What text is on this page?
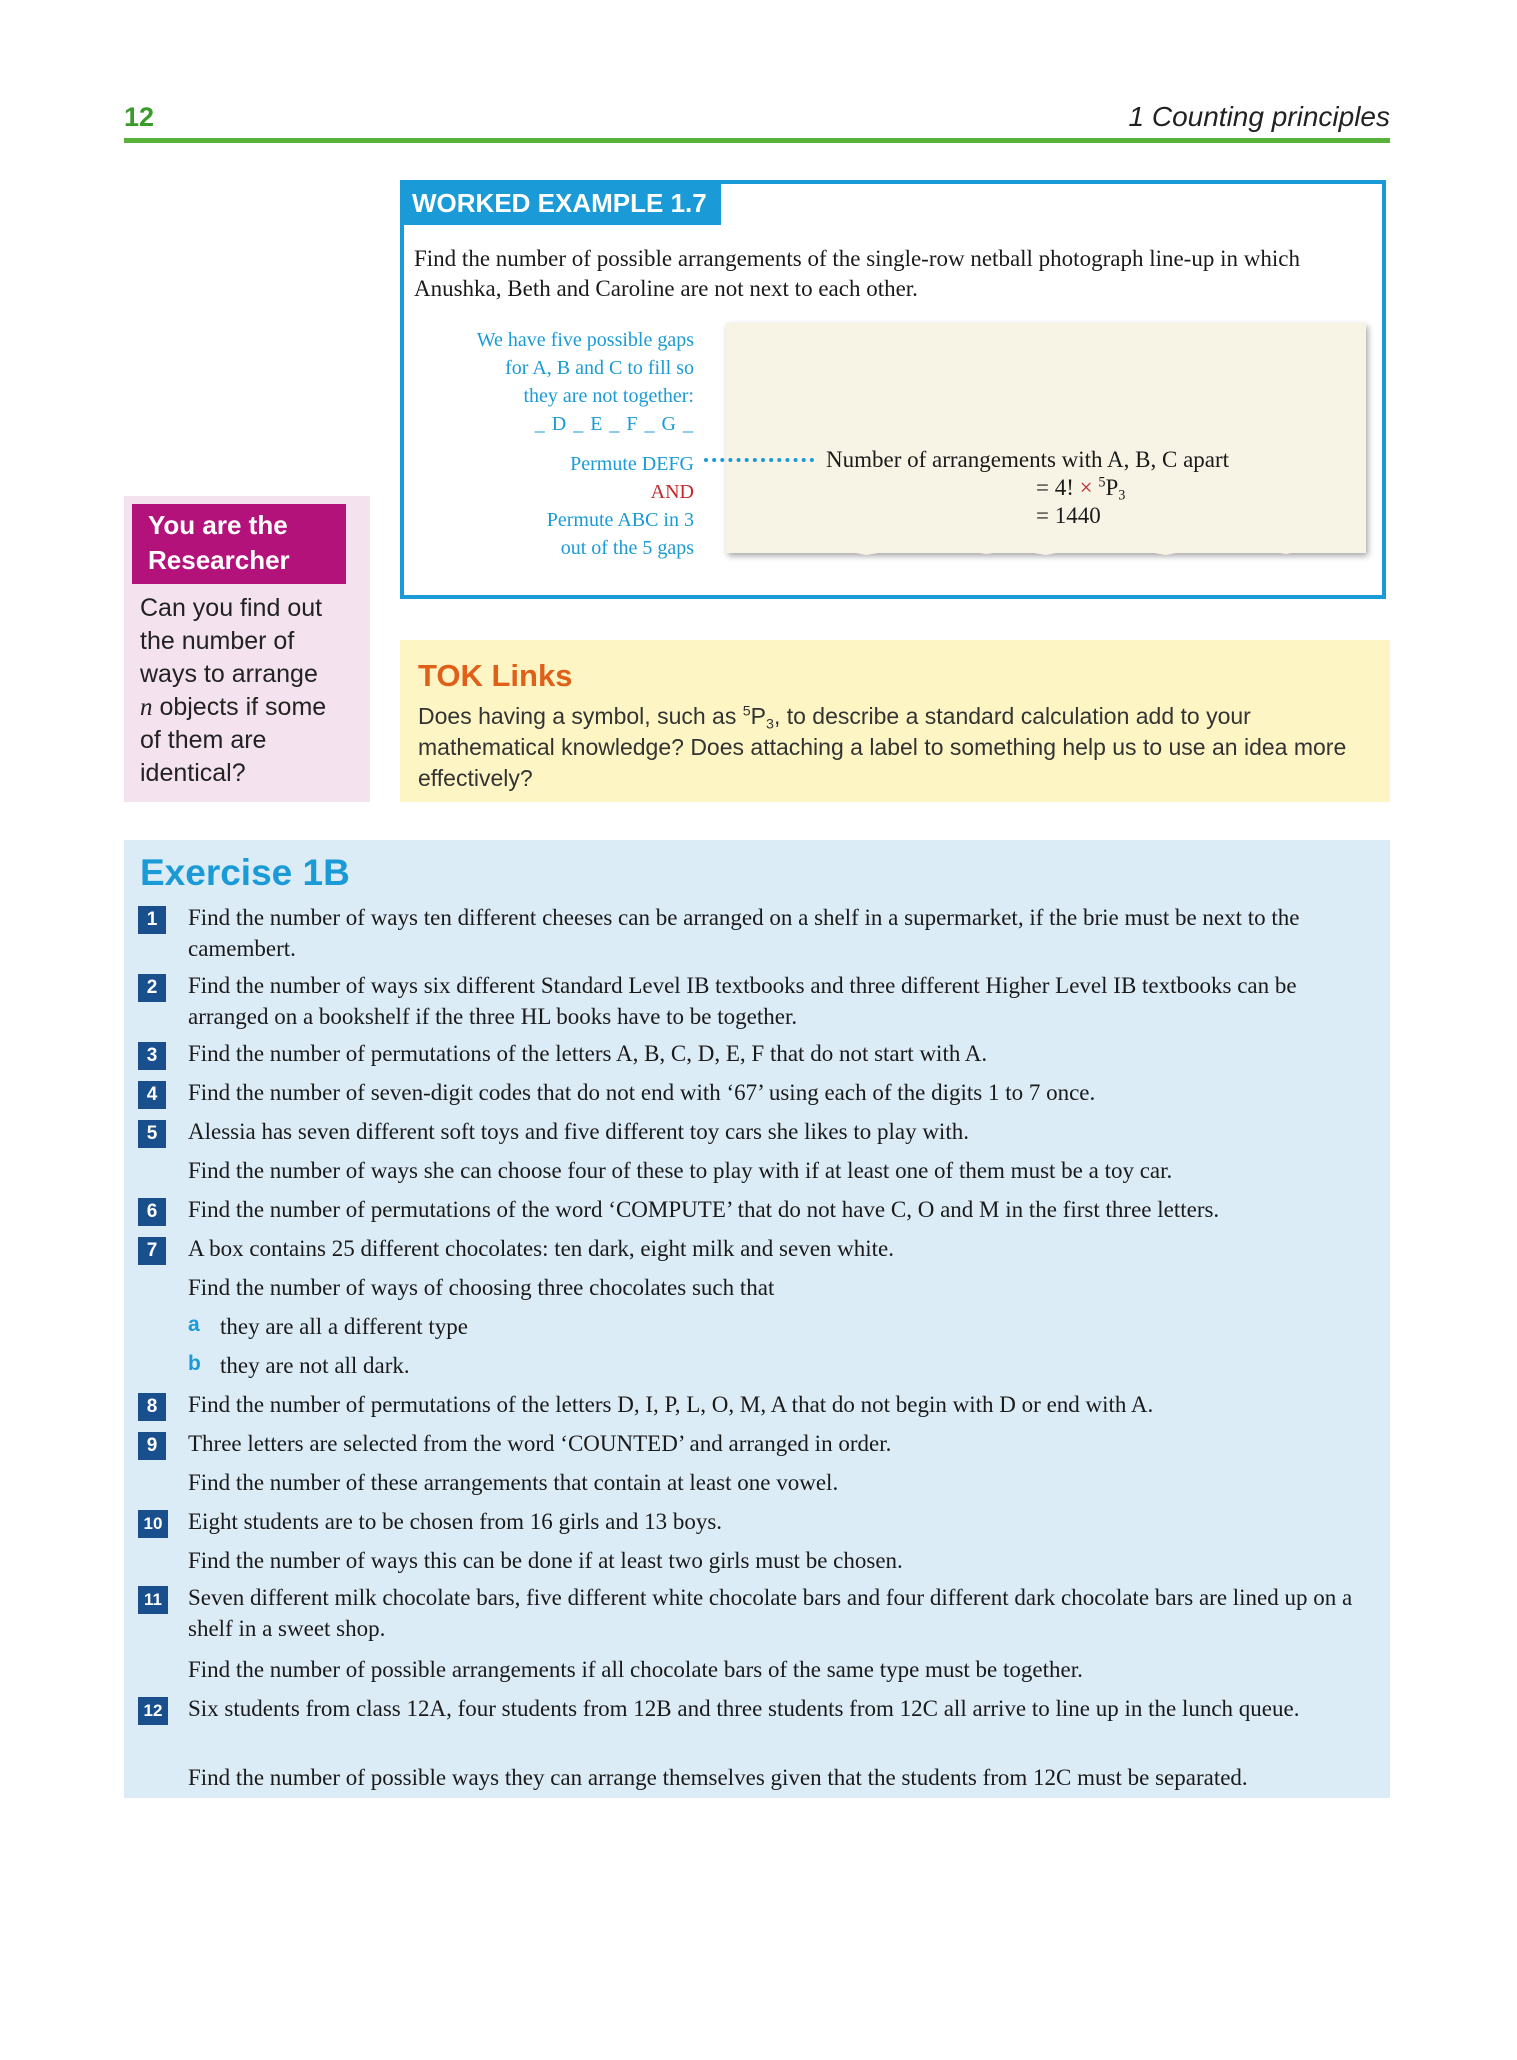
12	1 Counting principles
WORKED EXAMPLE 1.7
Find the number of possible arrangements of the single-row netball photograph line-up in which Anushka, Beth and Caroline are not next to each other.
Number of arrangements with A, B, C apart
= 4! × $^5P_3$
= 1440
We have five possible gaps
for A, B and C to fill so
they are not together:
_ D _ E _ F _ G _
Permute DEFG
AND
Permute ABC in 3
out of the 5 gaps
You are the
Researcher
Can you find out
the number of
ways to arrange
n objects if some
of them are
identical?
TOK Links
Does having a symbol, such as $^5P_3$, to describe a standard calculation add to your mathematical knowledge? Does attaching a label to something help us to use an idea more effectively?
Exercise 1B
1	Find the number of ways ten different cheeses can be arranged on a shelf in a supermarket, if the brie must be next to the camembert.
2	Find the number of ways six different Standard Level IB textbooks and three different Higher Level IB textbooks can be arranged on a bookshelf if the three HL books have to be together.
3	Find the number of permutations of the letters A, B, C, D, E, F that do not start with A.
4	Find the number of seven-digit codes that do not end with ‘67’ using each of the digits 1 to 7 once.
5	Alessia has seven different soft toys and five different toy cars she likes to play with.
Find the number of ways she can choose four of these to play with if at least one of them must be a toy car.
6	Find the number of permutations of the word ‘COMPUTE’ that do not have C, O and M in the first three letters.
7	A box contains 25 different chocolates: ten dark, eight milk and seven white.
Find the number of ways of choosing three chocolates such that
a they are all a different type
b they are not all dark.
8	Find the number of permutations of the letters D, I, P, L, O, M, A that do not begin with D or end with A.
9	Three letters are selected from the word ‘COUNTED’ and arranged in order.
Find the number of these arrangements that contain at least one vowel.
10 Eight students are to be chosen from 16 girls and 13 boys.
Find the number of ways this can be done if at least two girls must be chosen.
11 Seven different milk chocolate bars, five different white chocolate bars and four different dark chocolate bars are lined up on a shelf in a sweet shop.
Find the number of possible arrangements if all chocolate bars of the same type must be together.
12 Six students from class 12A, four students from 12B and three students from 12C all arrive to line up in the lunch queue.
Find the number of possible ways they can arrange themselves given that the students from 12C must be separated.
